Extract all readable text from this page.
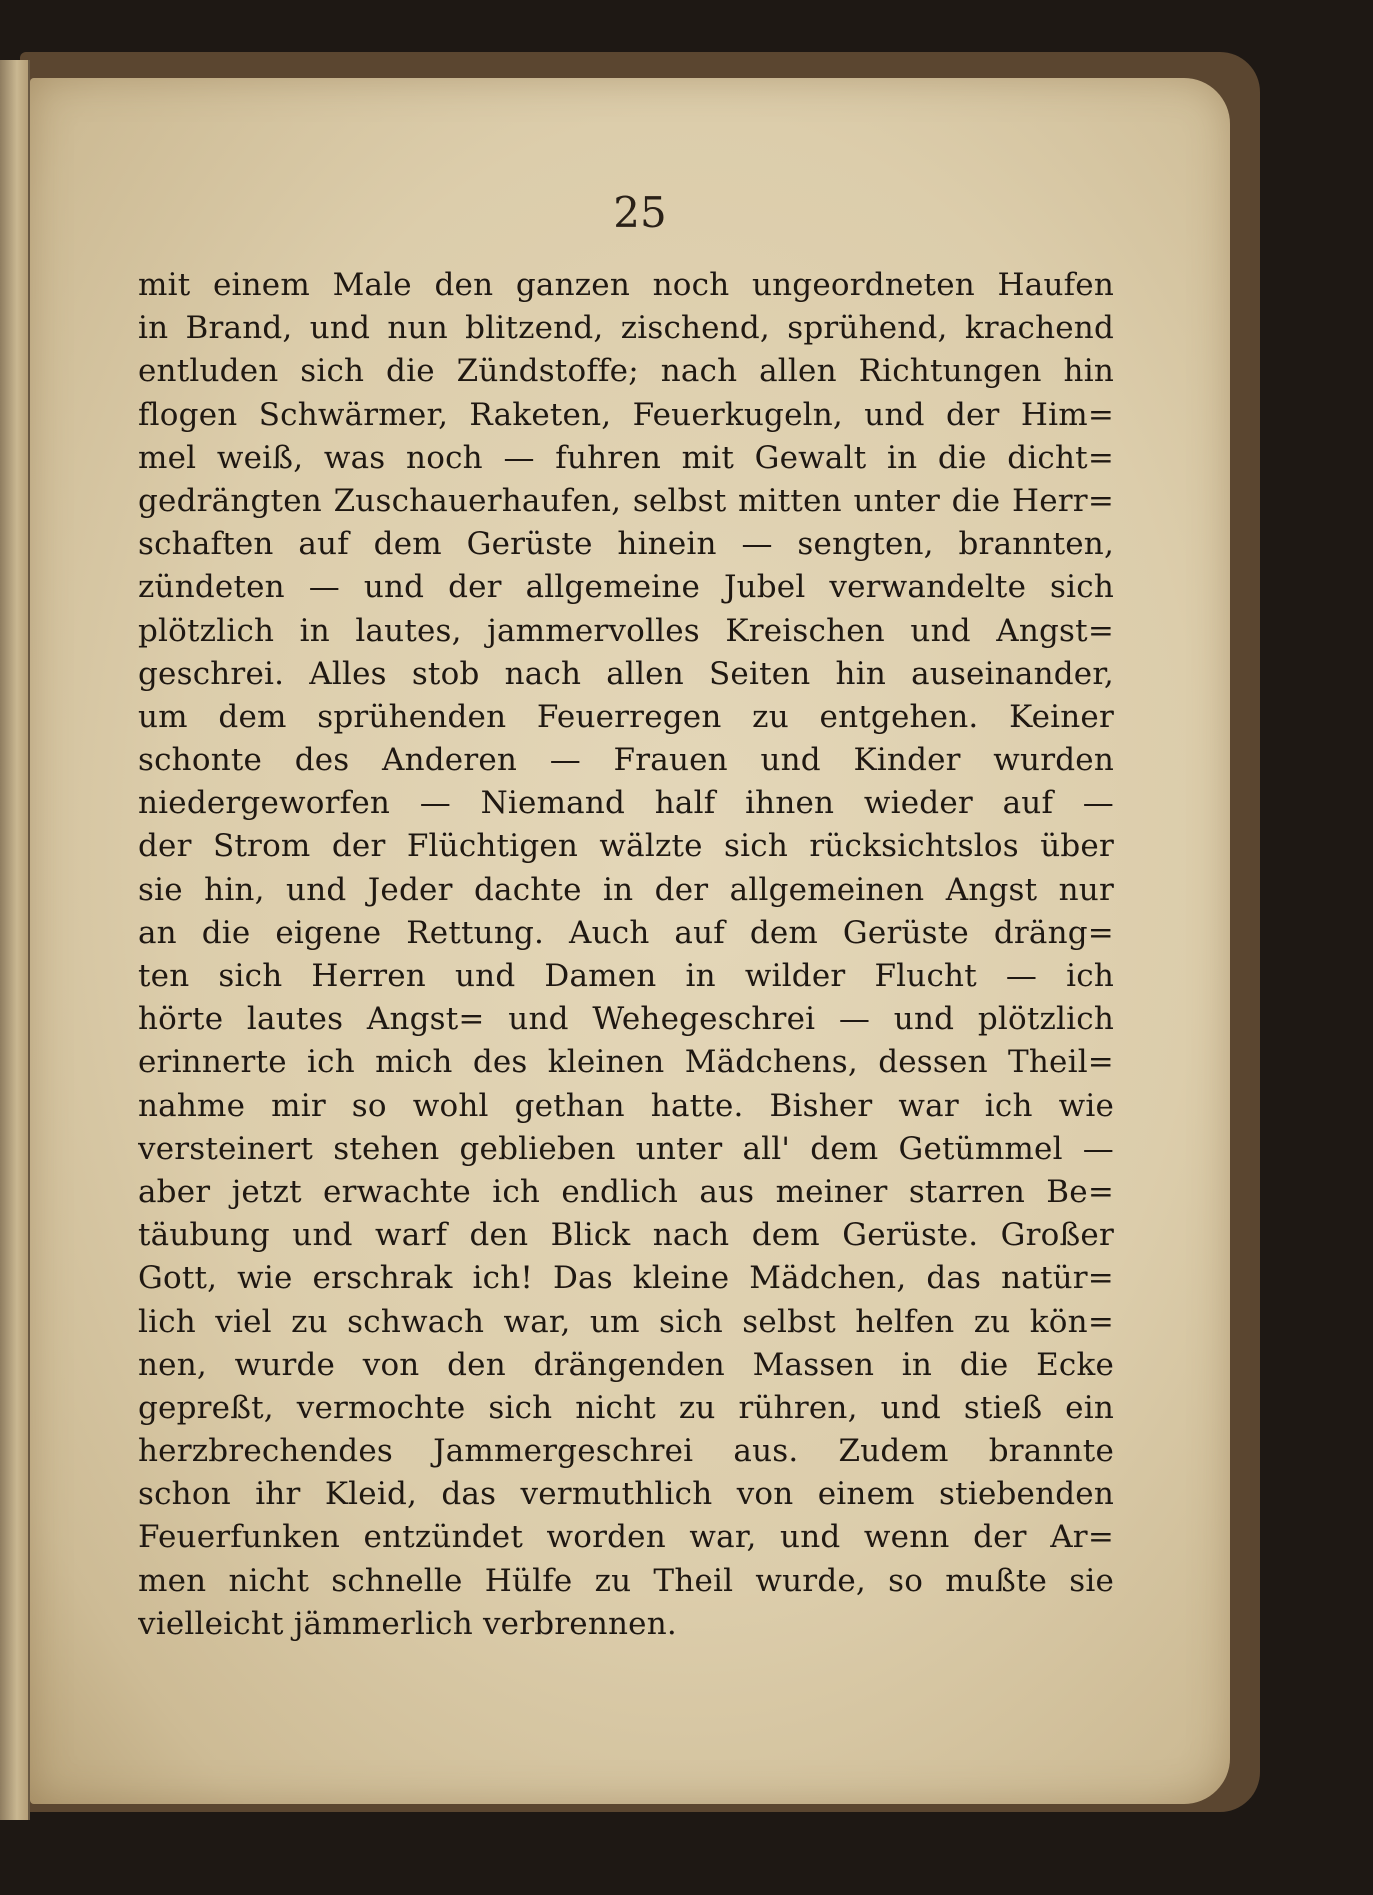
25
mit einem Male den ganzen noch ungeordneten Haufen
in Brand, und nun blitzend, zischend, sprühend, krachend
entluden sich die Zündstoffe; nach allen Richtungen hin
flogen Schwärmer, Raketen, Feuerkugeln, und der Him=
mel weiß, was noch — fuhren mit Gewalt in die dicht=
gedrängten Zuschauerhaufen, selbst mitten unter die Herr=
schaften auf dem Gerüste hinein — sengten, brannten,
zündeten — und der allgemeine Jubel verwandelte sich
plötzlich in lautes, jammervolles Kreischen und Angst=
geschrei. Alles stob nach allen Seiten hin auseinander,
um dem sprühenden Feuerregen zu entgehen. Keiner
schonte des Anderen — Frauen und Kinder wurden
niedergeworfen — Niemand half ihnen wieder auf —
der Strom der Flüchtigen wälzte sich rücksichtslos über
sie hin, und Jeder dachte in der allgemeinen Angst nur
an die eigene Rettung. Auch auf dem Gerüste dräng=
ten sich Herren und Damen in wilder Flucht — ich
hörte lautes Angst= und Wehegeschrei — und plötzlich
erinnerte ich mich des kleinen Mädchens, dessen Theil=
nahme mir so wohl gethan hatte. Bisher war ich wie
versteinert stehen geblieben unter all' dem Getümmel —
aber jetzt erwachte ich endlich aus meiner starren Be=
täubung und warf den Blick nach dem Gerüste. Großer
Gott, wie erschrak ich! Das kleine Mädchen, das natür=
lich viel zu schwach war, um sich selbst helfen zu kön=
nen, wurde von den drängenden Massen in die Ecke
gepreßt, vermochte sich nicht zu rühren, und stieß ein
herzbrechendes Jammergeschrei aus. Zudem brannte
schon ihr Kleid, das vermuthlich von einem stiebenden
Feuerfunken entzündet worden war, und wenn der Ar=
men nicht schnelle Hülfe zu Theil wurde, so mußte sie
vielleicht jämmerlich verbrennen.
